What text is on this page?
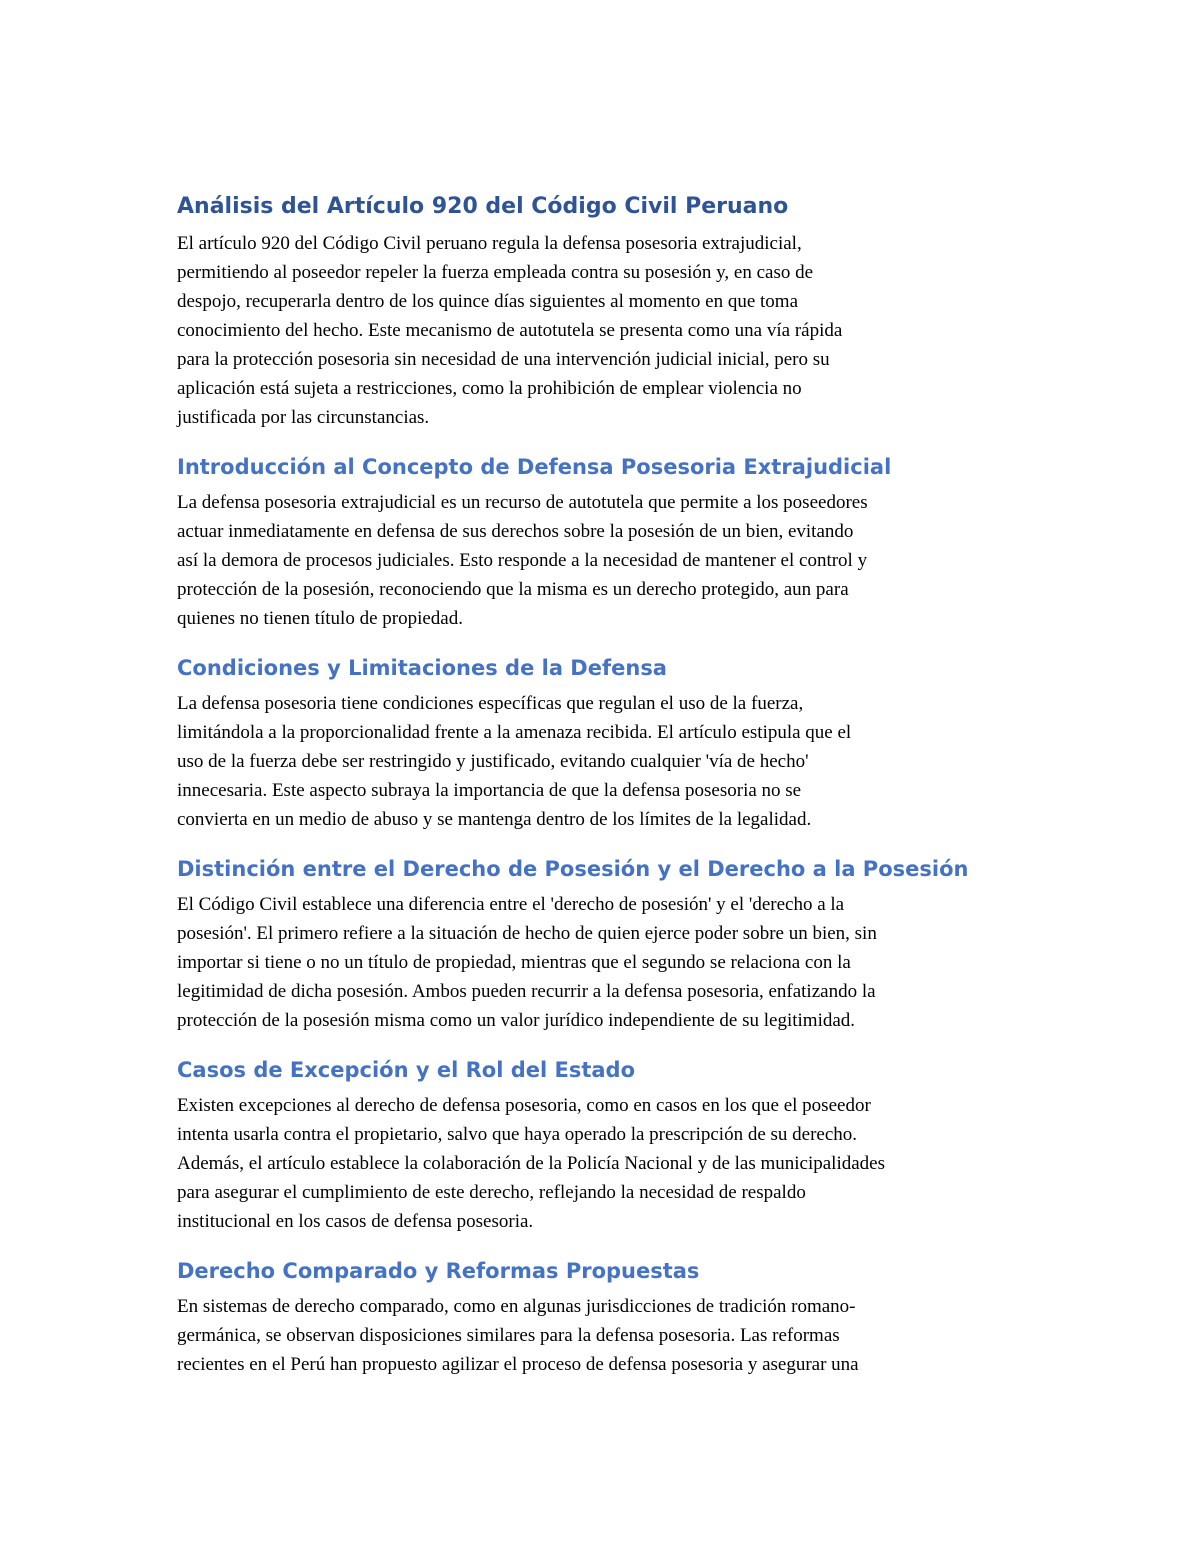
Análisis del Artículo 920 del Código Civil Peruano
El artículo 920 del Código Civil peruano regula la defensa posesoria extrajudicial,
permitiendo al poseedor repeler la fuerza empleada contra su posesión y, en caso de
despojo, recuperarla dentro de los quince días siguientes al momento en que toma
conocimiento del hecho. Este mecanismo de autotutela se presenta como una vía rápida
para la protección posesoria sin necesidad de una intervención judicial inicial, pero su
aplicación está sujeta a restricciones, como la prohibición de emplear violencia no
justificada por las circunstancias.
Introducción al Concepto de Defensa Posesoria Extrajudicial
La defensa posesoria extrajudicial es un recurso de autotutela que permite a los poseedores
actuar inmediatamente en defensa de sus derechos sobre la posesión de un bien, evitando
así la demora de procesos judiciales. Esto responde a la necesidad de mantener el control y
protección de la posesión, reconociendo que la misma es un derecho protegido, aun para
quienes no tienen título de propiedad.
Condiciones y Limitaciones de la Defensa
La defensa posesoria tiene condiciones específicas que regulan el uso de la fuerza,
limitándola a la proporcionalidad frente a la amenaza recibida. El artículo estipula que el
uso de la fuerza debe ser restringido y justificado, evitando cualquier 'vía de hecho'
innecesaria. Este aspecto subraya la importancia de que la defensa posesoria no se
convierta en un medio de abuso y se mantenga dentro de los límites de la legalidad.
Distinción entre el Derecho de Posesión y el Derecho a la Posesión
El Código Civil establece una diferencia entre el 'derecho de posesión' y el 'derecho a la
posesión'. El primero refiere a la situación de hecho de quien ejerce poder sobre un bien, sin
importar si tiene o no un título de propiedad, mientras que el segundo se relaciona con la
legitimidad de dicha posesión. Ambos pueden recurrir a la defensa posesoria, enfatizando la
protección de la posesión misma como un valor jurídico independiente de su legitimidad.
Casos de Excepción y el Rol del Estado
Existen excepciones al derecho de defensa posesoria, como en casos en los que el poseedor
intenta usarla contra el propietario, salvo que haya operado la prescripción de su derecho.
Además, el artículo establece la colaboración de la Policía Nacional y de las municipalidades
para asegurar el cumplimiento de este derecho, reflejando la necesidad de respaldo
institucional en los casos de defensa posesoria.
Derecho Comparado y Reformas Propuestas
En sistemas de derecho comparado, como en algunas jurisdicciones de tradición romano-
germánica, se observan disposiciones similares para la defensa posesoria. Las reformas
recientes en el Perú han propuesto agilizar el proceso de defensa posesoria y asegurar una
